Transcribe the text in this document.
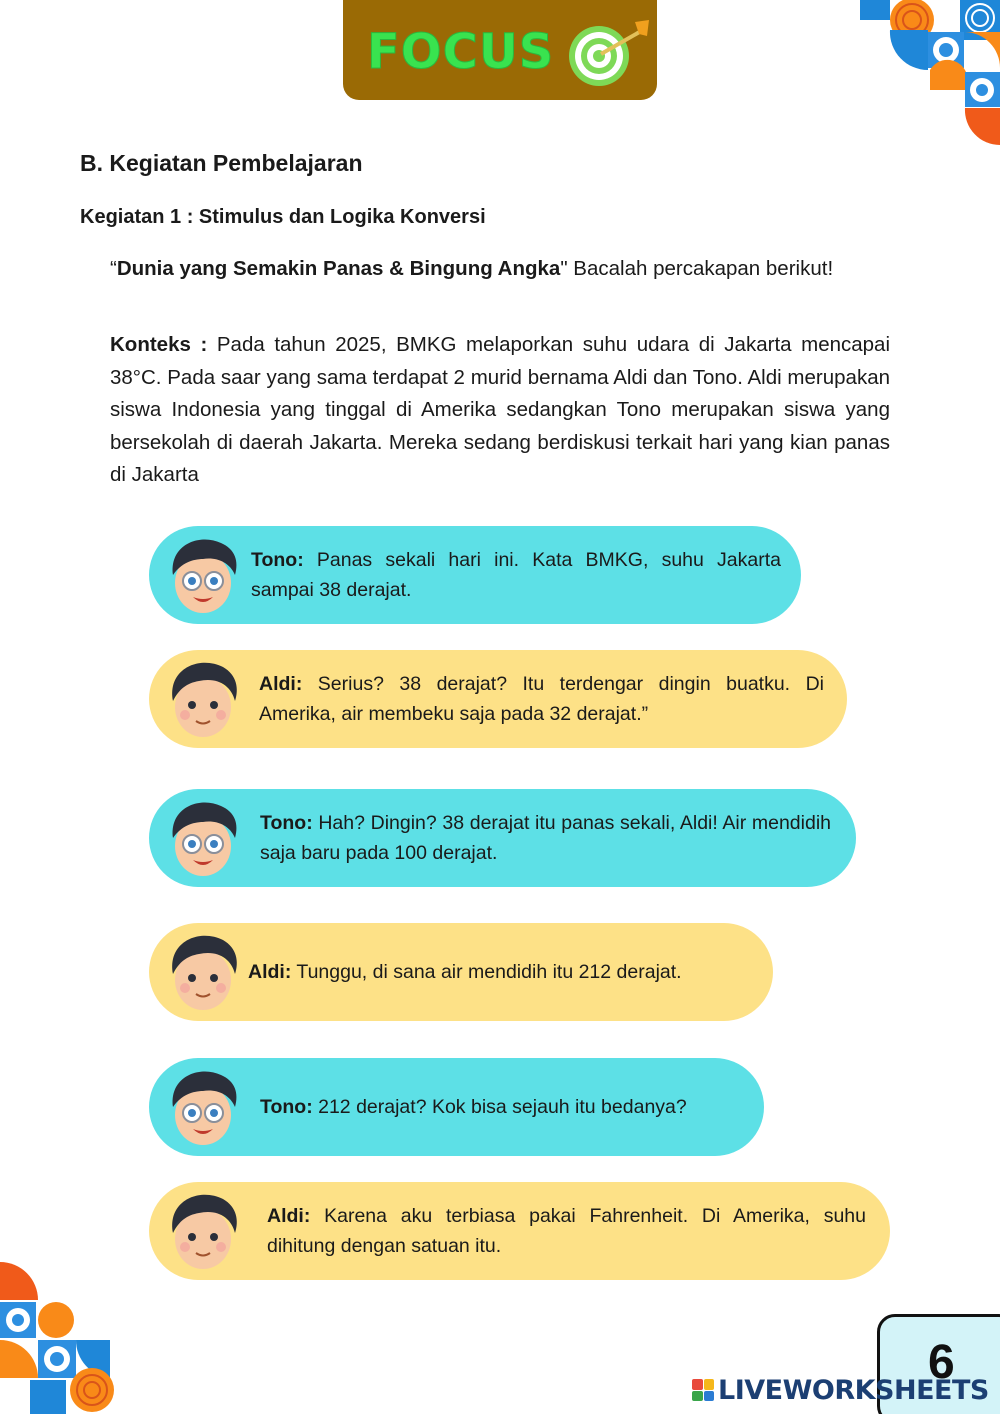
FOCUS
B. Kegiatan Pembelajaran
Kegiatan 1 : Stimulus dan Logika Konversi

“Dunia yang Semakin Panas & Bingung Angka" Bacalah percakapan berikut!

Konteks : Pada tahun 2025, BMKG melaporkan suhu udara di Jakarta mencapai 38°C. Pada saar yang sama terdapat 2 murid bernama Aldi dan Tono. Aldi merupakan siswa Indonesia yang tinggal di Amerika sedangkan Tono merupakan siswa yang bersekolah di daerah Jakarta. Mereka sedang berdiskusi terkait hari yang kian panas di Jakarta

Tono: Panas sekali hari ini. Kata BMKG, suhu Jakarta sampai 38 derajat.

Aldi: Serius? 38 derajat? Itu terdengar dingin buatku. Di Amerika, air membeku saja pada 32 derajat.”

Tono: Hah? Dingin? 38 derajat itu panas sekali, Aldi! Air mendidih saja baru pada 100 derajat.

Aldi: Tunggu, di sana air mendidih itu 212 derajat.

Tono: 212 derajat? Kok bisa sejauh itu bedanya?

Aldi: Karena aku terbiasa pakai Fahrenheit. Di Amerika, suhu dihitung dengan satuan itu.

6
LIVEWORKSHEETS
